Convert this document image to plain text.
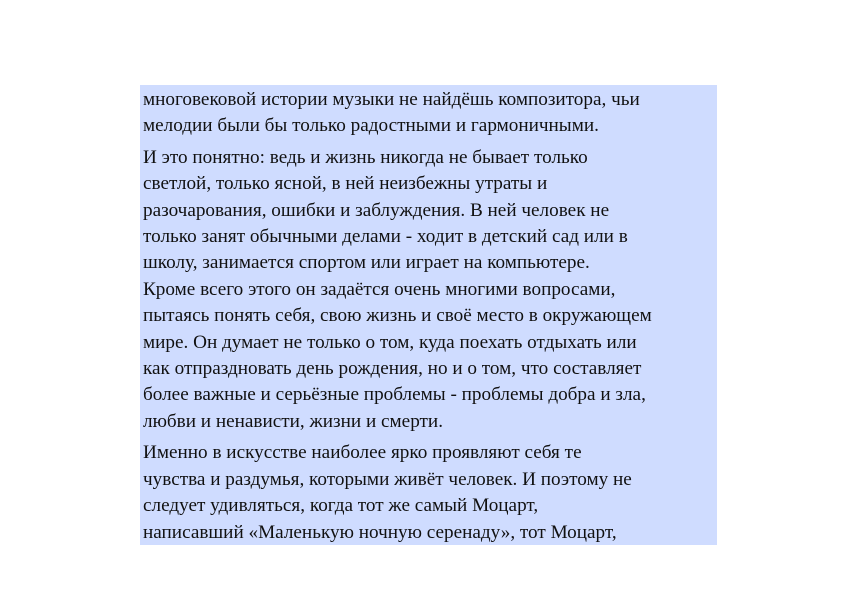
многовековой истории музыки не найдёшь композитора, чьи
мелодии были бы только радостными и гармоничными.

И это понятно: ведь и жизнь никогда не бывает только
светлой, только ясной, в ней неизбежны утраты и
разочарования, ошибки и заблуждения. В ней человек не
только занят обычными делами - ходит в детский сад или в
школу, занимается спортом или играет на компьютере.
Кроме всего этого он задаётся очень многими вопросами,
пытаясь понять себя, свою жизнь и своё место в окружающем
мире. Он думает не только о том, куда поехать отдыхать или
как отпраздновать день рождения, но и о том, что составляет
более важные и серьёзные проблемы - проблемы добра и зла,
любви и ненависти, жизни и смерти.

Именно в искусстве наиболее ярко проявляют себя те
чувства и раздумья, которыми живёт человек. И поэтому не
следует удивляться, когда тот же самый Моцарт,
написавший «Маленькую ночную серенаду», тот Моцарт,
